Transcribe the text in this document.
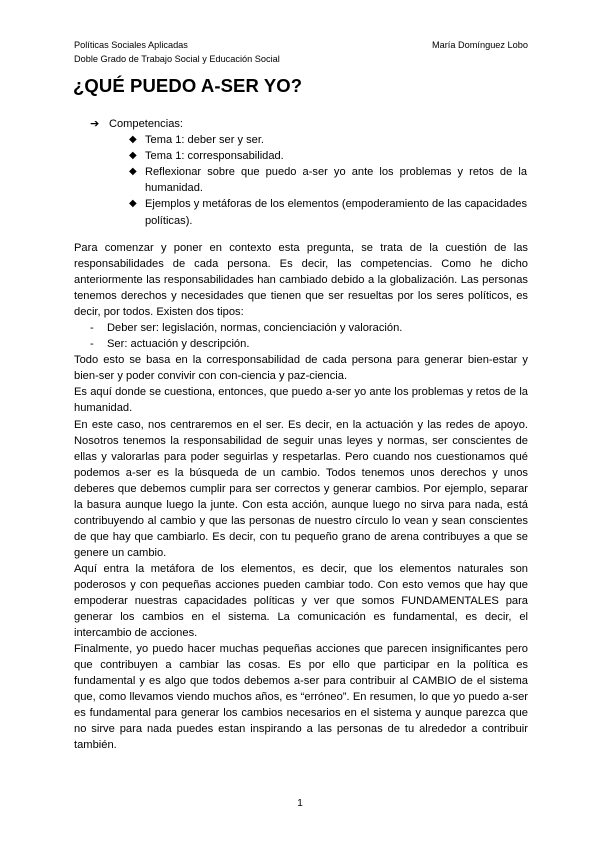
Políticas Sociales Aplicadas
Doble Grado de Trabajo Social y Educación Social
María Domínguez Lobo
¿QUÉ PUEDO A-SER YO?
➔ Competencias:
◆ Tema 1: deber ser y ser.
◆ Tema 1: corresponsabilidad.
◆ Reflexionar sobre que puedo a-ser yo ante los problemas y retos de la humanidad.
◆ Ejemplos y metáforas de los elementos (empoderamiento de las capacidades políticas).

Para comenzar y poner en contexto esta pregunta, se trata de la cuestión de las responsabilidades de cada persona. Es decir, las competencias. Como he dicho anteriormente las responsabilidades han cambiado debido a la globalización. Las personas tenemos derechos y necesidades que tienen que ser resueltas por los seres políticos, es decir, por todos. Existen dos tipos:

-	Deber ser: legislación, normas, concienciación y valoración.
-	Ser: actuación y descripción.

Todo esto se basa en la corresponsabilidad de cada persona para generar bien-estar y bien-ser y poder convivir con con-ciencia y paz-ciencia.

Es aquí donde se cuestiona, entonces, que puedo a-ser yo ante los problemas y retos de la humanidad.

En este caso, nos centraremos en el ser. Es decir, en la actuación y las redes de apoyo. Nosotros tenemos la responsabilidad de seguir unas leyes y normas, ser conscientes de ellas y valorarlas para poder seguirlas y respetarlas. Pero cuando nos cuestionamos qué podemos a-ser es la búsqueda de un cambio. Todos tenemos unos derechos y unos deberes que debemos cumplir para ser correctos y generar cambios. Por ejemplo, separar la basura aunque luego la junte. Con esta acción, aunque luego no sirva para nada, está contribuyendo al cambio y que las personas de nuestro círculo lo vean y sean conscientes de que hay que cambiarlo. Es decir, con tu pequeño grano de arena contribuyes a que se genere un cambio.

Aquí entra la metáfora de los elementos, es decir, que los elementos naturales son poderosos y con pequeñas acciones pueden cambiar todo. Con esto vemos que hay que empoderar nuestras capacidades políticas y ver que somos FUNDAMENTALES para generar los cambios en el sistema. La comunicación es fundamental, es decir, el intercambio de acciones.

Finalmente, yo puedo hacer muchas pequeñas acciones que parecen insignificantes pero que contribuyen a cambiar las cosas. Es por ello que participar en la política es fundamental y es algo que todos debemos a-ser para contribuir al CAMBIO de el sistema que, como llevamos viendo muchos años, es “erróneo”. En resumen, lo que yo puedo a-ser es fundamental para generar los cambios necesarios en el sistema y aunque parezca que no sirve para nada puedes estan inspirando a las personas de tu alrededor a contribuir también.

1
